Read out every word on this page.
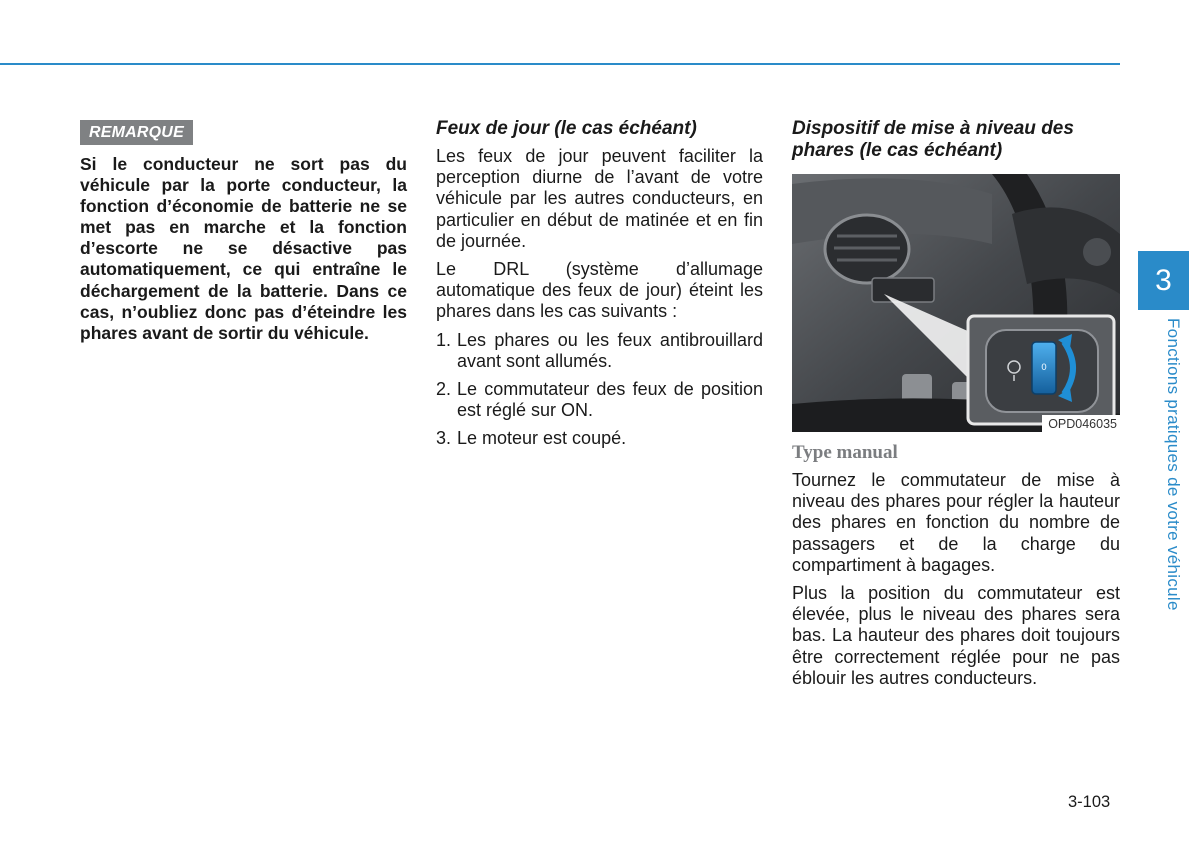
REMARQUE

Si le conducteur ne sort pas du véhicule par la porte conducteur, la fonction d’économie de batterie ne se met pas en marche et la fonction d’escorte ne se désactive pas automatiquement, ce qui entraîne le déchargement de la batterie. Dans ce cas, n’oubliez donc pas d’éteindre les phares avant de sortir du véhicule.

Feux de jour (le cas échéant)

Les feux de jour peuvent faciliter la perception diurne de l’avant de votre véhicule par les autres conducteurs, en particulier en début de matinée et en fin de journée.

Le DRL (système d’allumage automatique des feux de jour) éteint les phares dans les cas suivants :

1. Les phares ou les feux antibrouillard avant sont allumés.
2. Le commutateur des feux de position est réglé sur ON.
3. Le moteur est coupé.
Dispositif de mise à niveau des phares (le cas échéant)
0
OPD046035
Type manual

Tournez le commutateur de mise à niveau des phares pour régler la hauteur des phares en fonction du nombre de passagers et de la charge du compartiment à bagages.

Plus la position du commutateur est élevée, plus le niveau des phares sera bas. La hauteur des phares doit toujours être correctement réglée pour ne pas éblouir les autres conducteurs.

3
Fonctions pratiques de votre véhicule
3-103
